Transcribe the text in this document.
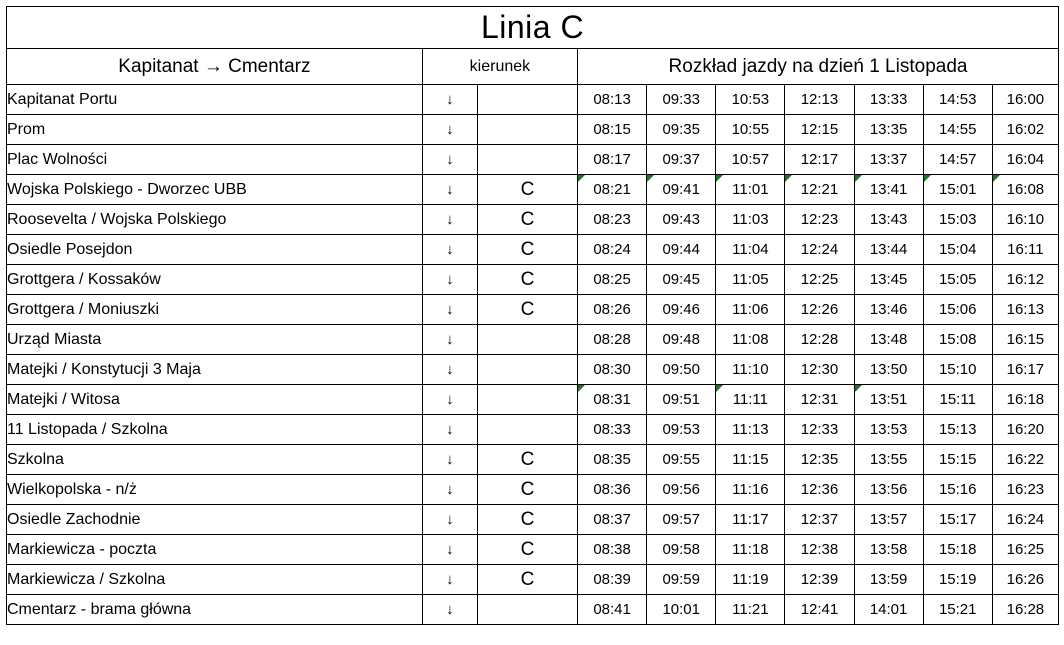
Linia C									
Kapitanat → Cmentarz	kierunek		Rozkład jazdy na dzień 1 Listopada						
Kapitanat Portu	↓		08:13	09:33	10:53	12:13	13:33	14:53	16:00
Prom	↓		08:15	09:35	10:55	12:15	13:35	14:55	16:02
Plac Wolności	↓		08:17	09:37	10:57	12:17	13:37	14:57	16:04
Wojska Polskiego - Dworzec UBB	↓	C	08:21	09:41	11:01	12:21	13:41	15:01	16:08
Roosevelta / Wojska Polskiego	↓	C	08:23	09:43	11:03	12:23	13:43	15:03	16:10
Osiedle Posejdon	↓	C	08:24	09:44	11:04	12:24	13:44	15:04	16:11
Grottgera / Kossaków	↓	C	08:25	09:45	11:05	12:25	13:45	15:05	16:12
Grottgera / Moniuszki	↓	C	08:26	09:46	11:06	12:26	13:46	15:06	16:13
Urząd Miasta	↓		08:28	09:48	11:08	12:28	13:48	15:08	16:15
Matejki / Konstytucji 3 Maja	↓		08:30	09:50	11:10	12:30	13:50	15:10	16:17
Matejki / Witosa	↓		08:31	09:51	11:11	12:31	13:51	15:11	16:18
11 Listopada / Szkolna	↓		08:33	09:53	11:13	12:33	13:53	15:13	16:20
Szkolna	↓	C	08:35	09:55	11:15	12:35	13:55	15:15	16:22
Wielkopolska - n/ż	↓	C	08:36	09:56	11:16	12:36	13:56	15:16	16:23
Osiedle Zachodnie	↓	C	08:37	09:57	11:17	12:37	13:57	15:17	16:24
Markiewicza - poczta	↓	C	08:38	09:58	11:18	12:38	13:58	15:18	16:25
Markiewicza / Szkolna	↓	C	08:39	09:59	11:19	12:39	13:59	15:19	16:26
Cmentarz - brama główna	↓		08:41	10:01	11:21	12:41	14:01	15:21	16:28
